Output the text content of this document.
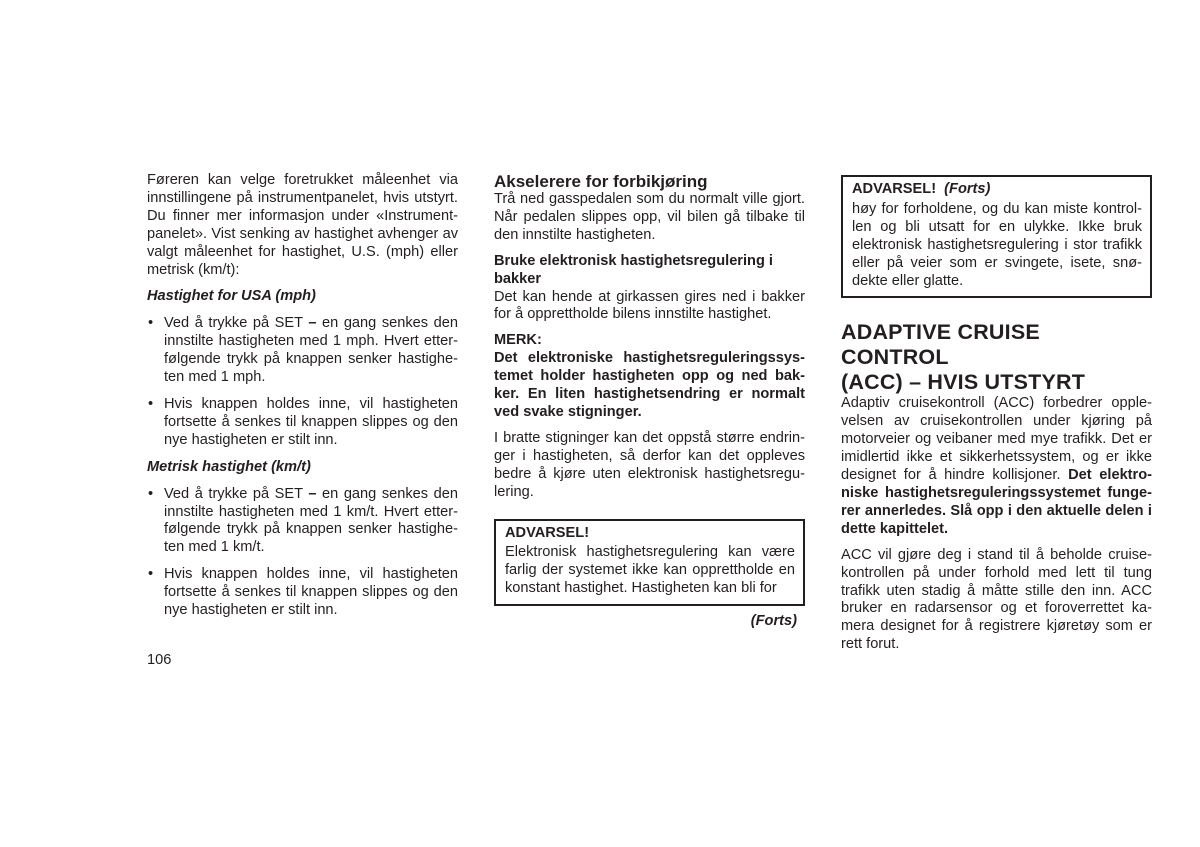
Føreren kan velge foretrukket måleenhet via innstillingene på instrumentpanelet, hvis utstyrt. Du finner mer informasjon under «Instrument-panelet». Vist senking av hastighet avhenger av valgt måleenhet for hastighet, U.S. (mph) eller metrisk (km/t):

Hastighet for USA (mph)

• Ved å trykke på SET – en gang senkes den innstilte hastigheten med 1 mph. Hvert etter-følgende trykk på knappen senker hastighe-ten med 1 mph.
• Hvis knappen holdes inne, vil hastigheten fortsette å senkes til knappen slippes og den nye hastigheten er stilt inn.

Metrisk hastighet (km/t)

• Ved å trykke på SET – en gang senkes den innstilte hastigheten med 1 km/t. Hvert etter-følgende trykk på knappen senker hastighe-ten med 1 km/t.
• Hvis knappen holdes inne, vil hastigheten fortsette å senkes til knappen slippes og den nye hastigheten er stilt inn.
Akselerere for forbikjøring

Trå ned gasspedalen som du normalt ville gjort. Når pedalen slippes opp, vil bilen gå tilbake til den innstilte hastigheten.

Bruke elektronisk hastighetsregulering i bakker

Det kan hende at girkassen gires ned i bakker for å opprettholde bilens innstilte hastighet.

MERK:

Det elektroniske hastighetsreguleringssys-temet holder hastigheten opp og ned bak-ker. En liten hastighetsendring er normalt ved svake stigninger.

I bratte stigninger kan det oppstå større endrin-ger i hastigheten, så derfor kan det oppleves bedre å kjøre uten elektronisk hastighetsregu-lering.

ADVARSEL!

Elektronisk hastighetsregulering kan være farlig der systemet ikke kan opprettholde en konstant hastighet. Hastigheten kan bli for

(Forts)
ADVARSEL! (Forts)

høy for forholdene, og du kan miste kontrol-len og bli utsatt for en ulykke. Ikke bruk elektronisk hastighetsregulering i stor trafikk eller på veier som er svingete, isete, snø-dekte eller glatte.

ADAPTIVE CRUISE CONTROL
(ACC) – HVIS UTSTYRT

Adaptiv cruisekontroll (ACC) forbedrer opple-velsen av cruisekontrollen under kjøring på motorveier og veibaner med mye trafikk. Det er imidlertid ikke et sikkerhetssystem, og er ikke designet for å hindre kollisjoner. Det elektro-niske hastighetsreguleringssystemet funge-rer annerledes. Slå opp i den aktuelle delen i dette kapittelet.

ACC vil gjøre deg i stand til å beholde cruise-kontrollen på under forhold med lett til tung trafikk uten stadig å måtte stille den inn. ACC bruker en radarsensor og et foroverrettet ka-mera designet for å registrere kjøretøy som er rett forut.

106
